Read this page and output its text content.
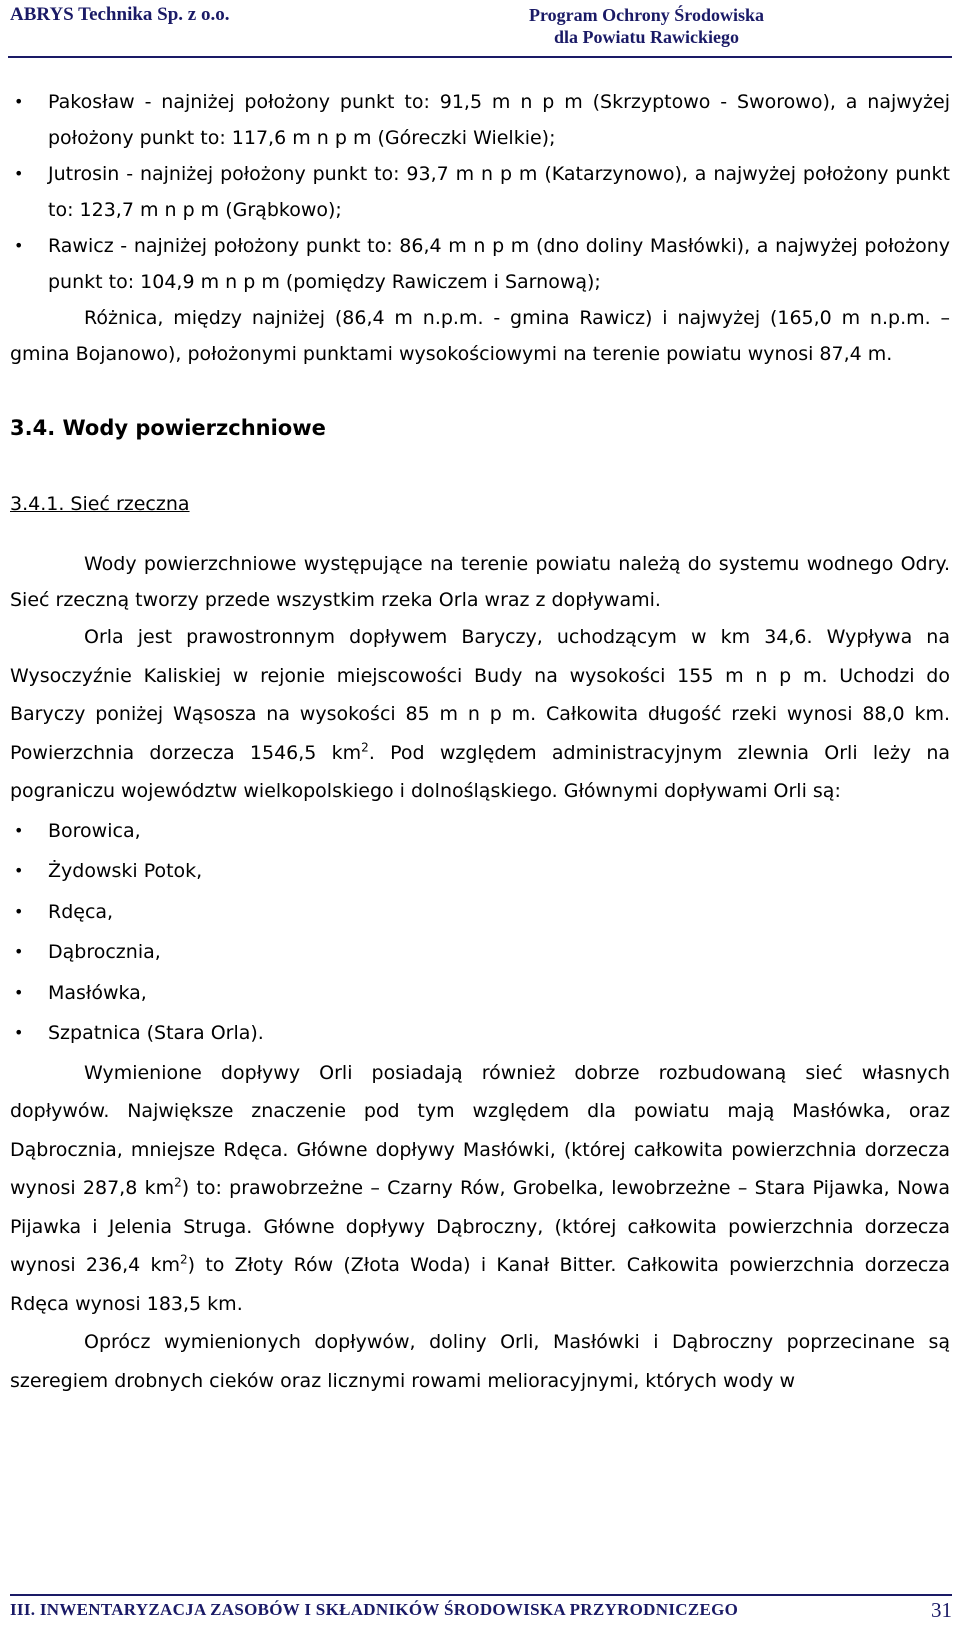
ABRYS Technika Sp. z o.o.	Program Ochrony Środowiska
dla Powiatu Rawickiego
• Pakosław - najniżej położony punkt to: 91,5 m n p m (Skrzyptowo - Sworowo), a najwyżej położony punkt to: 117,6 m n p m (Góreczki Wielkie);
• Jutrosin - najniżej położony punkt to: 93,7 m n p m (Katarzynowo), a najwyżej położony punkt to: 123,7 m n p m (Grąbkowo);
• Rawicz - najniżej położony punkt to: 86,4 m n p m (dno doliny Masłówki), a najwyżej położony punkt to: 104,9 m n p m (pomiędzy Rawiczem i Sarnową);
Różnica, między najniżej (86,4 m n.p.m. - gmina Rawicz) i najwyżej (165,0 m n.p.m. – gmina Bojanowo), położonymi punktami wysokościowymi na terenie powiatu wynosi 87,4 m.
3.4. Wody powierzchniowe
3.4.1. Sieć rzeczna
Wody powierzchniowe występujące na terenie powiatu należą do systemu wodnego Odry. Sieć rzeczną tworzy przede wszystkim rzeka Orla wraz z dopływami.
Orla jest prawostronnym dopływem Baryczy, uchodzącym w km 34,6. Wypływa na Wysoczyźnie Kaliskiej w rejonie miejscowości Budy na wysokości 155 m n p m. Uchodzi do Baryczy poniżej Wąsosza na wysokości 85 m n p m. Całkowita długość rzeki wynosi 88,0 km. Powierzchnia dorzecza 1546,5 $km^2$. Pod względem administracyjnym zlewnia Orli leży na pograniczu województw wielkopolskiego i dolnośląskiego. Głównymi dopływami Orli są:
• Borowica,
• Żydowski Potok,
• Rdęca,
• Dąbrocznia,
• Masłówka,
• Szpatnica (Stara Orla).
Wymienione dopływy Orli posiadają również dobrze rozbudowaną sieć własnych dopływów. Największe znaczenie pod tym względem dla powiatu mają Masłówka, oraz Dąbrocznia, mniejsze Rdęca. Główne dopływy Masłówki, (której całkowita powierzchnia dorzecza wynosi 287,8 $km^2$) to: prawobrzeżne – Czarny Rów, Grobelka, lewobrzeżne – Stara Pijawka, Nowa Pijawka i Jelenia Struga. Główne dopływy Dąbroczny, (której całkowita powierzchnia dorzecza wynosi 236,4 $km^2$) to Złoty Rów (Złota Woda) i Kanał Bitter. Całkowita powierzchnia dorzecza Rdęca wynosi 183,5 km.
Oprócz wymienionych dopływów, doliny Orli, Masłówki i Dąbroczny poprzecinane są szeregiem drobnych cieków oraz licznymi rowami melioracyjnymi, których wody w
III. INWENTARYZACJA ZASOBÓW I SKŁADNIKÓW ŚRODOWISKA PRZYRODNICZEGO	31
